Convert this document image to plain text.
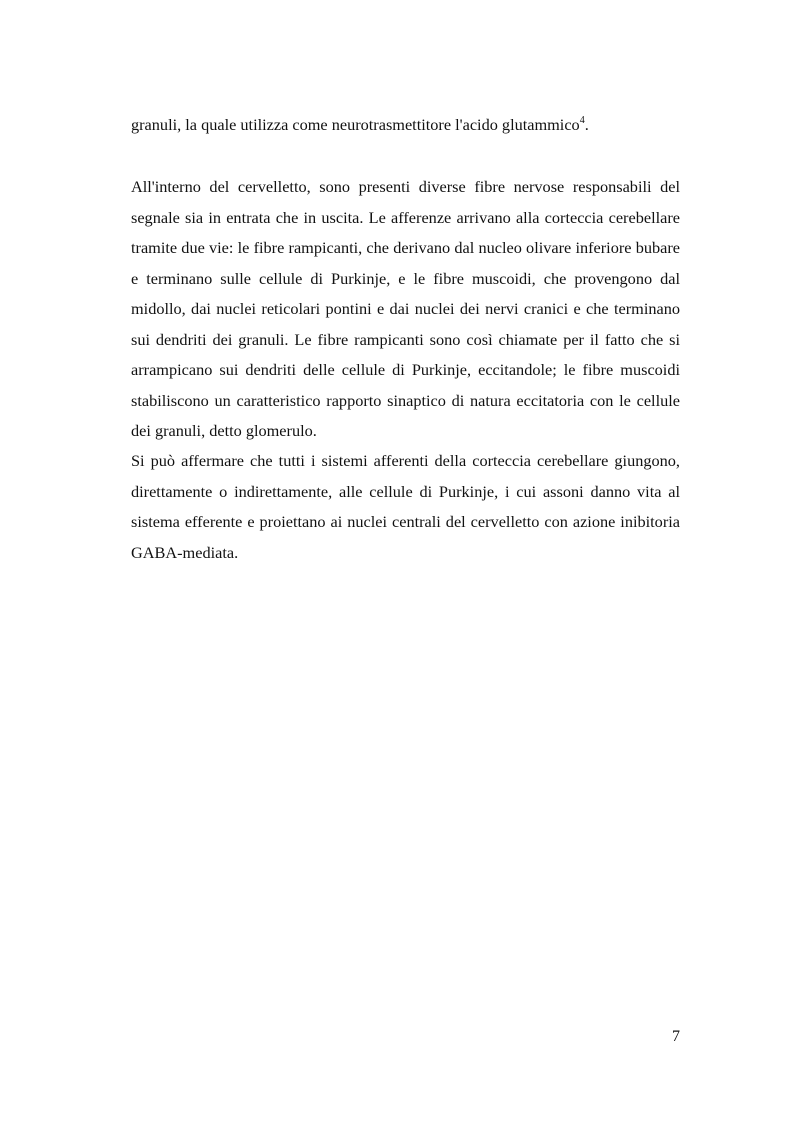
granuli, la quale utilizza come neurotrasmettitore l'acido glutammico$^4$.

All'interno del cervelletto, sono presenti diverse fibre nervose responsabili del segnale sia in entrata che in uscita. Le afferenze arrivano alla corteccia cerebellare tramite due vie: le fibre rampicanti, che derivano dal nucleo olivare inferiore bubare e terminano sulle cellule di Purkinje, e le fibre muscoidi, che provengono dal midollo, dai nuclei reticolari pontini e dai nuclei dei nervi cranici e che terminano sui dendriti dei granuli. Le fibre rampicanti sono così chiamate per il fatto che si arrampicano sui dendriti delle cellule di Purkinje, eccitandole; le fibre muscoidi stabiliscono un caratteristico rapporto sinaptico di natura eccitatoria con le cellule dei granuli, detto glomerulo.

Si può affermare che tutti i sistemi afferenti della corteccia cerebellare giungono, direttamente o indirettamente, alle cellule di Purkinje, i cui assoni danno vita al sistema efferente e proiettano ai nuclei centrali del cervelletto con azione inibitoria GABA-mediata.

7
